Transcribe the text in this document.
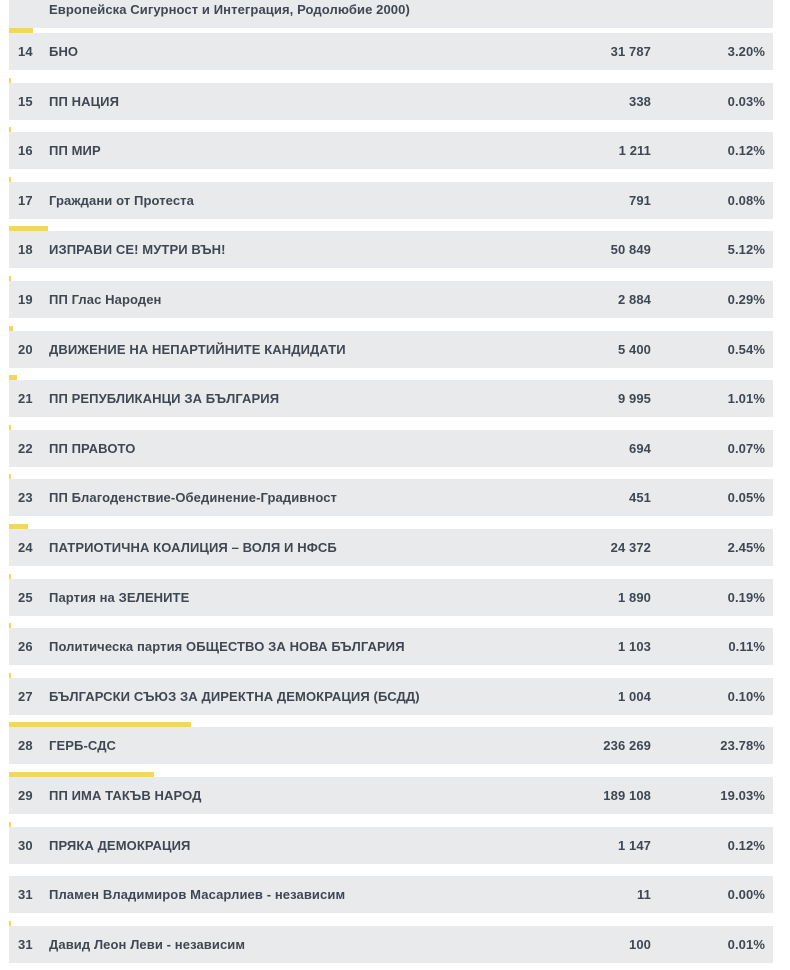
Европейска Сигурност и Интеграция, Родолюбие 2000)
14 БНО	31 787	3.20%
15 ПП НАЦИЯ	338	0.03%
16 ПП МИР	1 211	0.12%
17 Граждани от Протеста	791	0.08%
18 ИЗПРАВИ СЕ! МУТРИ ВЪН!	50 849	5.12%
19 ПП Глас Народен	2 884	0.29%
20 ДВИЖЕНИЕ НА НЕПАРТИЙНИТЕ КАНДИДАТИ	5 400	0.54%
21 ПП РЕПУБЛИКАНЦИ ЗА БЪЛГАРИЯ	9 995	1.01%
22 ПП ПРАВОТО	694	0.07%
23 ПП Благоденствие-Обединение-Градивност	451	0.05%
24 ПАТРИОТИЧНА КОАЛИЦИЯ – ВОЛЯ И НФСБ	24 372	2.45%
25 Партия на ЗЕЛЕНИТЕ	1 890	0.19%
26 Политическа партия ОБЩЕСТВО ЗА НОВА БЪЛГАРИЯ	1 103	0.11%
27 БЪЛГАРСКИ СЪЮЗ ЗА ДИРЕКТНА ДЕМОКРАЦИЯ (БСДД)	1 004	0.10%
28 ГЕРБ-СДС	236 269	23.78%
29 ПП ИМА ТАКЪВ НАРОД	189 108	19.03%
30 ПРЯКА ДЕМОКРАЦИЯ	1 147	0.12%
31 Пламен Владимиров Масарлиев - независим	11	0.00%
31 Давид Леон Леви - независим	100	0.01%
